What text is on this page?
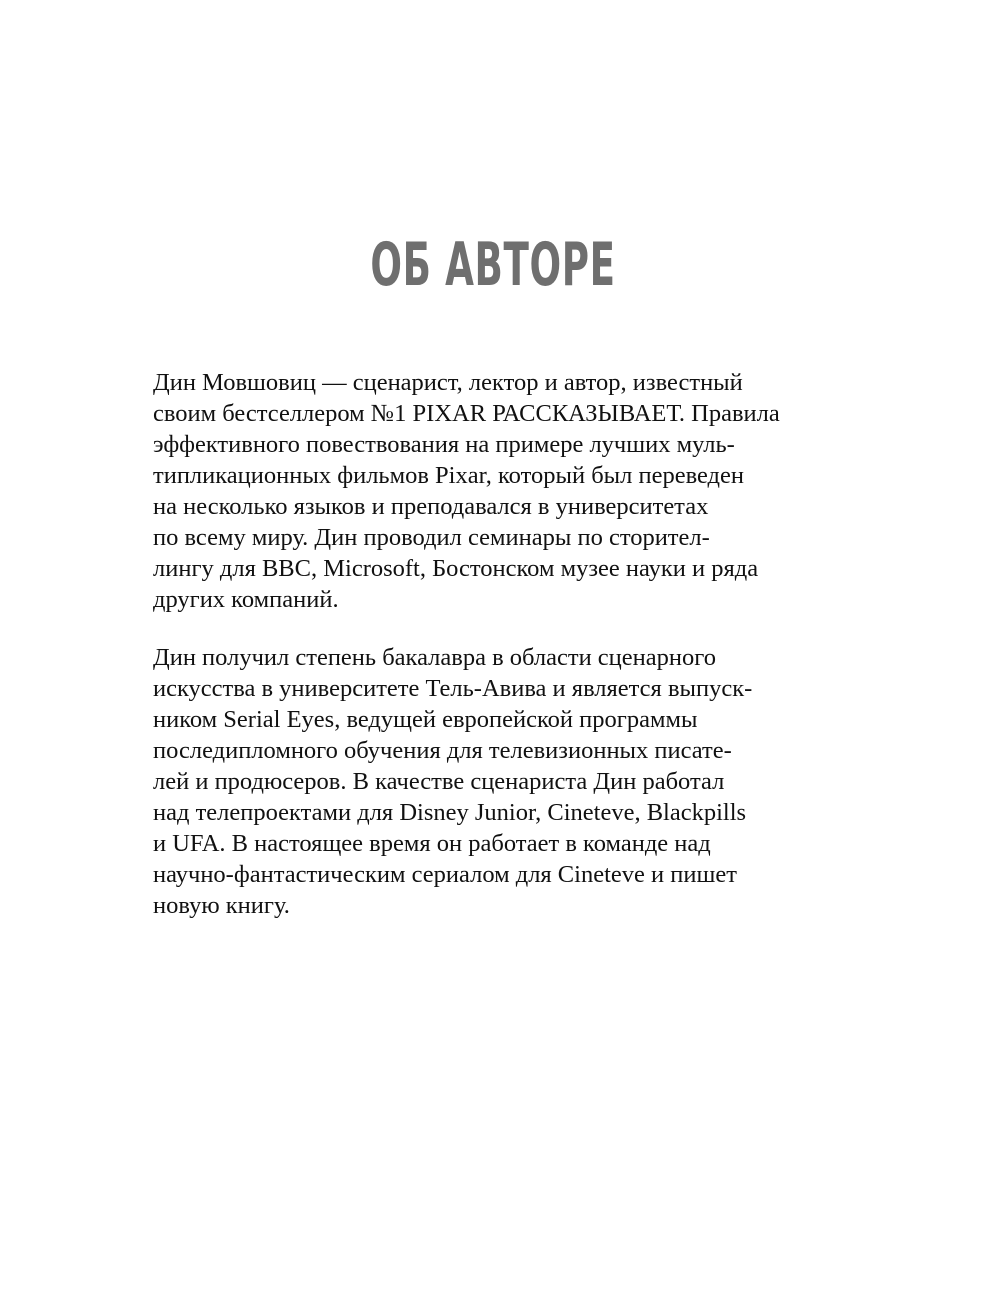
ОБ АВТОРЕ

Дин Мовшовиц — сценарист, лектор и автор, известный
своим бестселлером №1 PIXAR РАССКАЗЫВАЕТ. Правила
эффективного повествования на примере лучших муль-
типликационных фильмов Pixar, который был переведен
на несколько языков и преподавался в университетах
по всему миру. Дин проводил семинары по сторител-
лингу для BBC, Microsoft, Бостонском музее науки и ряда
других компаний.

Дин получил степень бакалавра в области сценарного
искусства в университете Тель-Авива и является выпуск-
ником Serial Eyes, ведущей европейской программы
последипломного обучения для телевизионных писате-
лей и продюсеров. В качестве сценариста Дин работал
над телепроектами для Disney Junior, Cineteve, Blackpills
и UFA. В настоящее время он работает в команде над
научно-фантастическим сериалом для Cineteve и пишет
новую книгу.
